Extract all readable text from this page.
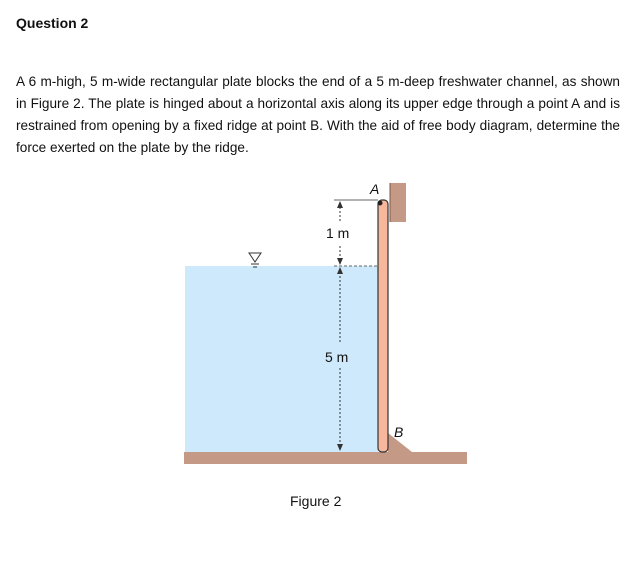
Question 2

A 6 m-high, 5 m-wide rectangular plate blocks the end of a 5 m-deep freshwater channel, as shown in Figure 2. The plate is hinged about a horizontal axis along its upper edge through a point A and is restrained from opening by a fixed ridge at point B. With the aid of free body diagram, determine the force exerted on the plate by the ridge.

A
B
1 m
5 m

Figure 2
